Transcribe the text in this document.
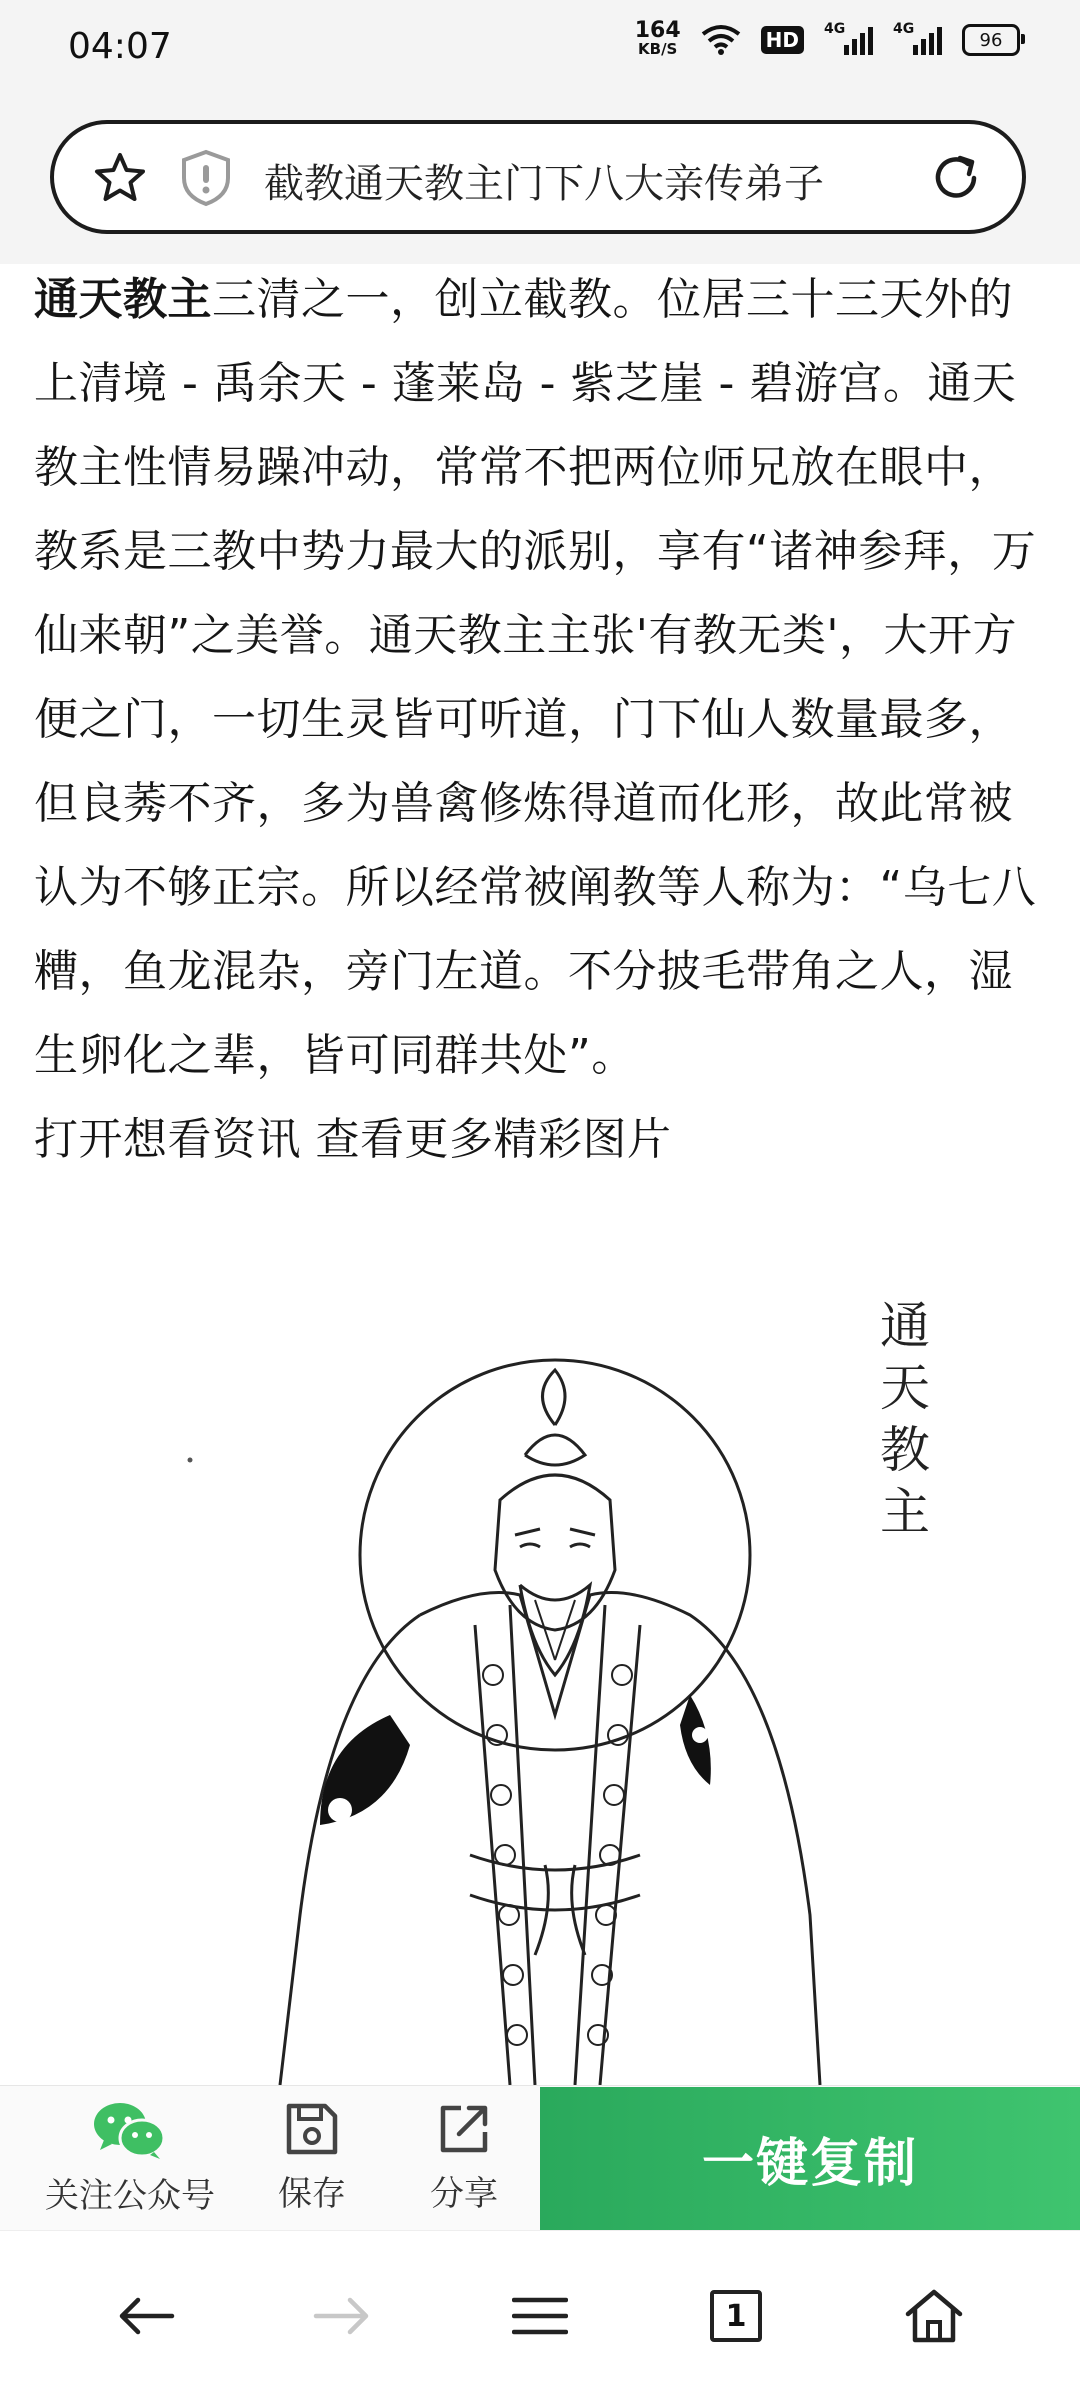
04:07	164
KB/S	HD	4G	4G
96
截教通天教主门下八大亲传弟子

通天教主三清之一，创立截教。位居三十三天外的上清境 - 禹余天 - 蓬莱岛 - 紫芝崖 - 碧游宫。通天教主性情易躁冲动，常常不把两位师兄放在眼中，教系是三教中势力最大的派别，享有“诸神参拜，万仙来朝”之美誉。通天教主主张'有教无类'，大开方便之门，一切生灵皆可听道，门下仙人数量最多，但良莠不齐，多为兽禽修炼得道而化形，故此常被认为不够正宗。所以经常被阐教等人称为：“乌七八糟，鱼龙混杂，旁门左道。不分披毛带角之人，湿生卵化之辈，皆可同群共处”。

打开想看资讯 查看更多精彩图片

通天教主
关注公众号 保存 分享	一键复制
1
